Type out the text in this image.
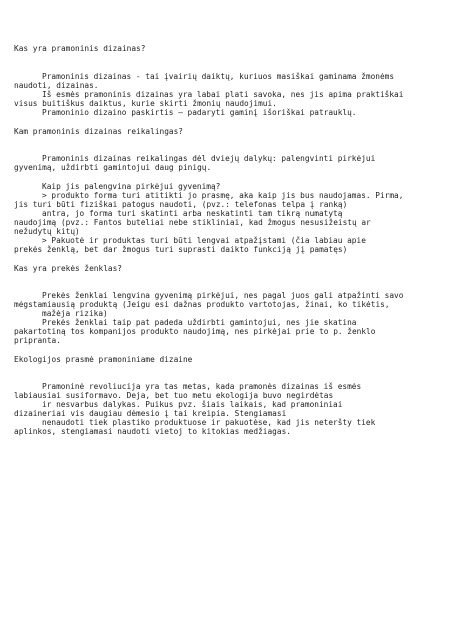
Kas yra pramoninis dizainas?

Pramoninis dizainas - tai įvairių daiktų, kuriuos masiškai gaminama žmonėms

naudoti, dizainas.

Iš esmės pramoninis dizainas yra labai plati savoka, nes jis apima praktiškai

visus buitiškus daiktus, kurie skirti žmonių naudojimui.

Pramoninio dizaino paskirtis – padaryti gaminį išoriškai patrauklų.

Kam pramoninis dizainas reikalingas?

Pramoninis dizainas reikalingas dėl dviejų dalykų: palengvinti pirkėjui

gyvenimą, uždirbti gamintojui daug pinigų.

Kaip jis palengvina pirkėjui gyvenimą?

> produkto forma turi atitikti jo prasmę, aka kaip jis bus naudojamas. Pirma,

jis turi būti fiziškai patogus naudoti, (pvz.: telefonas telpa į ranką)

antra, jo forma turi skatinti arba neskatinti tam tikrą numatytą

naudojimą (pvz.: Fantos buteliai nebe stikliniai, kad žmogus nesusižeistų ar

nežudytų kitų)

> Pakuotė ir produktas turi būti lengvai atpažįstami (čia labiau apie

prekės ženklą, bet dar žmogus turi suprasti daikto funkciją jį pamatęs)

Kas yra prekės ženklas?

Prekės ženklai lengvina gyvenimą pirkėjui, nes pagal juos gali atpažinti savo

mėgstamiausią produktą (Jeigu esi dažnas produkto vartotojas, žinai, ko tikėtis,

mažėja rizika)

Prekės ženklai taip pat padeda uždirbti gamintojui, nes jie skatina

pakartotiną tos kompanijos produkto naudojimą, nes pirkėjai prie to p. ženklo

pripranta.

Ekologijos prasmė pramoniniame dizaine

Pramoninė revoliucija yra tas metas, kada pramonės dizainas iš esmės

labiausiai susiformavo. Deja, bet tuo metu ekologija buvo negirdėtas

ir nesvarbus dalykas. Puikus pvz. šiais laikais, kad pramoniniai

dizaineriai vis daugiau dėmesio į tai kreipia. Stengiamasi

nenaudoti tiek plastiko produktuose ir pakuotėse, kad jis neteršty tiek

aplinkos, stengiamasi naudoti vietoj to kitokias medžiagas.
